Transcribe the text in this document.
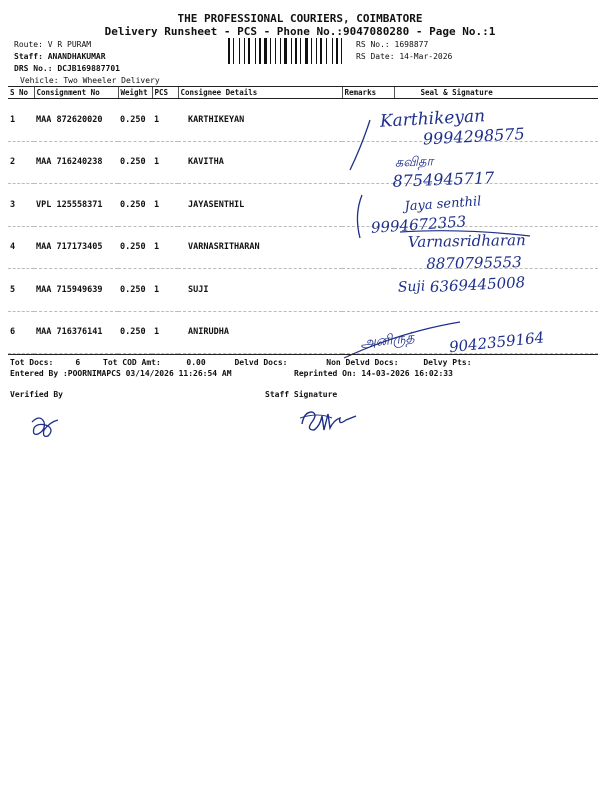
THE PROFESSIONAL COURIERS, COIMBATORE
Delivery Runsheet - PCS - Phone No.:9047080280 - Page No.:1
Route: V R PURAM
Staff: ANANDHAKUMAR
DRS No.: DCJB169887701
Vehicle: Two Wheeler Delivery
RS No.: 1698877
RS Date: 14-Mar-2026
S No	Consignment No	Weight	PCS	Consignee Details	Remarks	Seal & Signature
1	MAA 872620020	0.250	1	KARTHIKEYAN		
2	MAA 716240238	0.250	1	KAVITHA		
3	VPL 125558371	0.250	1	JAYASENTHIL		
4	MAA 717173405	0.250	1	VARNASRITHARAN		
5	MAA 715949639	0.250	1	SUJI		
6	MAA 716376141	0.250	1	ANIRUDHA		
Karthikeyan
9994298575
கவிதா
8754945717
Jaya senthil
9994672353
Varnasridharan
8870795553
Suji 6369445008
அனிருத் 9042359164
Tot Docs:	6	Tot COD Amt:	0.00	Delvd Docs:	Non Delvd Docs:	Delvy Pts:
Entered By :POORNIMAPCS 03/14/2026 11:26:54 AM	Reprinted On: 14-03-2026 16:02:33
Verified By	Staff Signature
